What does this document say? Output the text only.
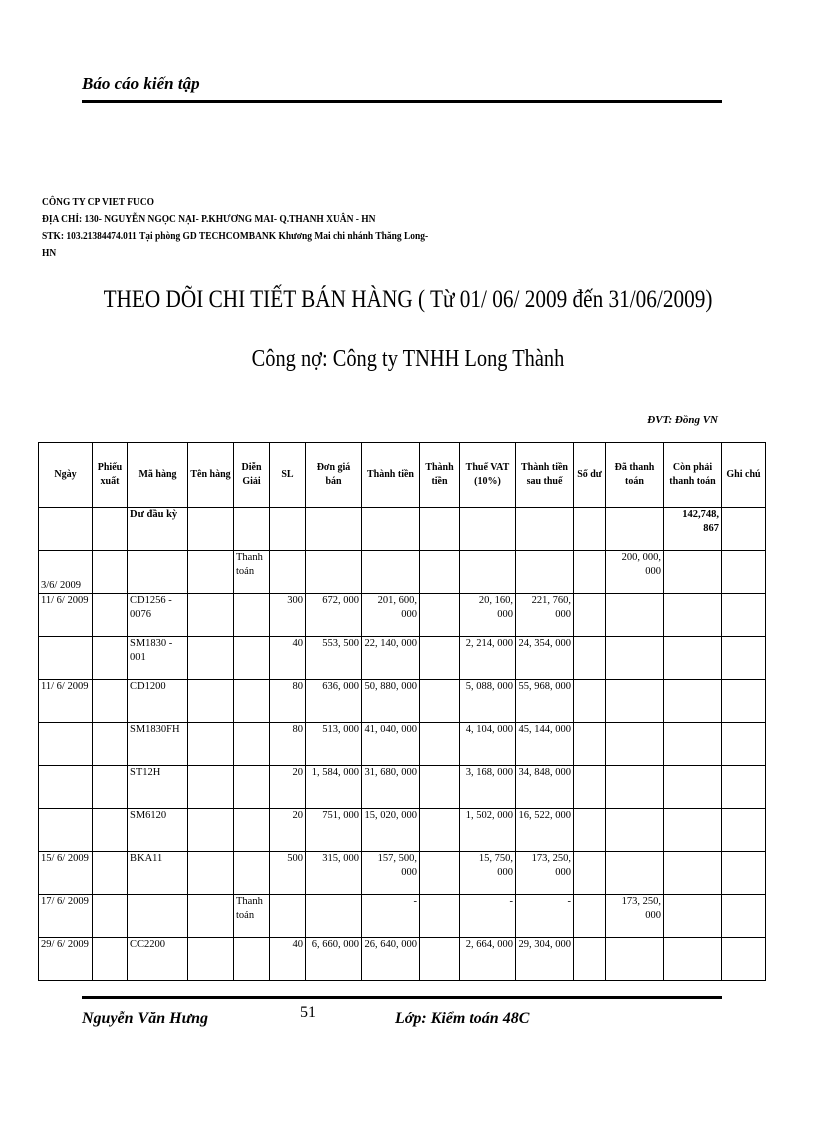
Báo cáo kiến tập
CÔNG TY CP VIET FUCO
ĐỊA CHỈ: 130- NGUYỄN NGỌC NẠI- P.KHƯƠNG MAI- Q.THANH XUÂN - HN
STK: 103.21384474.011 Tại phòng GD TECHCOMBANK Khương Mai chi nhánh Thăng Long-
HN
THEO DÕI CHI TIẾT BÁN HÀNG ( Từ 01/ 06/ 2009 đến 31/06/2009)
Công nợ: Công ty TNHH Long Thành
ĐVT: Đồng VN
Ngày	Phiếu xuất	Mã hàng	Tên hàng	Diễn Giải	SL	Đơn giá bán	Thành tiền	Thành tiền	Thuế VAT (10%)	Thành tiền sau thuế	Số dư	Đã thanh toán	Còn phải thanh toán	Ghi chú
		Dư đầu kỳ											142,748, 867	
3/6/ 2009				Thanh toán								200, 000, 000		
11/ 6/ 2009		CD1256 - 0076			300	672, 000	201, 600, 000		20, 160, 000	221, 760, 000				
		SM1830 - 001			40	553, 500	22, 140, 000		2, 214, 000	24, 354, 000				
11/ 6/ 2009		CD1200			80	636, 000	50, 880, 000		5, 088, 000	55, 968, 000				
		SM1830FH			80	513, 000	41, 040, 000		4, 104, 000	45, 144, 000				
		ST12H			20	1, 584, 000	31, 680, 000		3, 168, 000	34, 848, 000				
		SM6120			20	751, 000	15, 020, 000		1, 502, 000	16, 522, 000				
15/ 6/ 2009		BKA11			500	315, 000	157, 500, 000		15, 750, 000	173, 250, 000				
17/ 6/ 2009				Thanh toán			-		-	-		173, 250, 000		
29/ 6/ 2009		CC2200			40	6, 660, 000	26, 640, 000		2, 664, 000	29, 304, 000				
Nguyễn Văn Hưng	51	Lớp: Kiểm toán 48C
